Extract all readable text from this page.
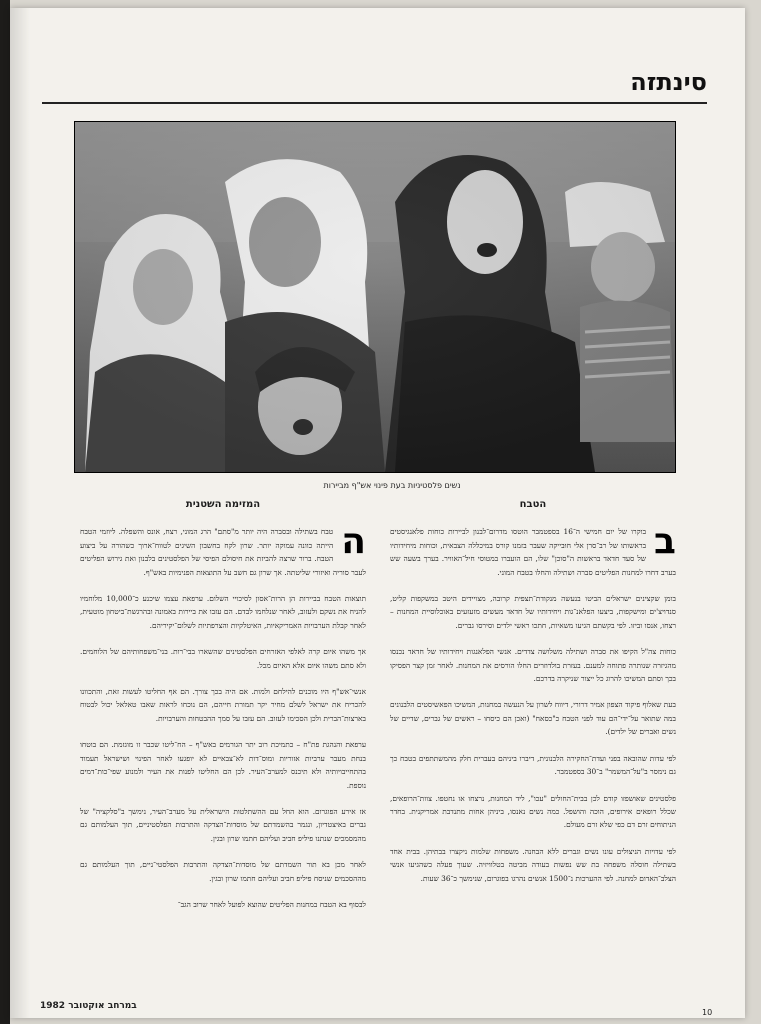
סינתזה
נשים פלסטיניות בעת פינוי אש"ף מביירות
הטבח

ב
בוקרו של יום חמישי ה־16 בספטמבר הוטסו מדרום־לבנון לביירות כוחות פלאנגיסטים בראשותו של רב־סרן אלי חוּבייקה שעבר בזמנו קורס במיכללה הצבאית, וכוחות מיחידותיו של סעד חדאד בראשות ה"סוכן" שלו, הם הועברו במטוסי חיל־האוויר. בערך בשעה שש בערב דחרו למחנות הפליטים סברה ושתילה והחלו בטבח המוני.

בומן שקצינים ישראלים הביטו בנעשה מנקודת־תצפית קרובה, מצויידים היטב במשקפות קליט, סנדויצ'ים ומישקפות, ביצעו הפלאנ־גות ויחידותיו של חדאד מעשים מזעזעים באוכלוסיית המחנות – רצחו, אנסו וביזו. לפי בקשתם הגיעו משאיות, חתכו ראשי ילדים וסירסו גברים.

כוחות צה"ל הקיפו את סברה ושתילה משלושה צדדים. אנשי הפלאנגות ויחידותיו של חדאד נכנסו מהגיזרה שנותרה פתוחה למענם. בעזרת בולדוזרים החלו הורסים את המחנות. לאחר זמן קצר הפסיקו בכך וסתם המשיכו להרוג כל ייצור שניקרה בדרכם.

בעת שאלוף פיקוד הצפון אמיר דרורי, דיווח לשרון על הנעשה במחנות, המשיכו הפאשיסטים הלבנונים במה שתואר על־ידי־הם עוד לפני הטבח כ"כסאח" (ואכן הם כיסחו – ראשים של גברים, שדיים של נשים ואברים של ילדים).

לפי עדות שהובאה בפני ועדת־החקירה הלבנונית, דיברו ביניהם בעברית חלק מהמשתתפים בטבח כך גם נימסר ב"על־המשמר" ב־30 בספטמבר.

פלסטינים שאושפזו קודם לכן בבית־החולים "עכו", ליד המחנות, נרצחו או נחטפו. צוות־הרופאים, שכלל רופאים אירופים, הוכה והושפל. כמה נשים נאנסו, ביניהן אחות מתנדבת אמריקנית. בחדר הניתוחים זרם דם כפי שלא זרם מעולם.

לפי עדויות הניצולים עונו נשים וגברים ללא הבחנה. משפחות שלמות ניקצרו בבתיהן. בבית אחד בשתילה חוסלה משפחה בת שש נפשות בעודה מביטה בטלוויזיה. שעוך פעלה כשהגיעו אנשי הצלב־האדום למחנה. לפי ההערכות נ־1500 אנשים נהרגו בפוגרום, שנימשך כ־36 שעות.

המזימה השטנית

ה
טבח בשתילה ובסברה היה יותר מ"סתם" הרג המוני, רצח, אונס והשפלה. ליוזמי הטבח הייתה כוונה עמוקה יותר. שרון לקח בחשבון השיגים לטווח־ארוך כשהורה על ביצוע הטבח. ברור שרצה להביזת את חיסולם הפיסי של הפלסטינים בלבנון ואת גירוש הפליטים לעבר סוריה ואיזורי שליטתה. אך שרון גם חשב על התוצאות הפנימיות באש"ף.

תוצאות הטבח בביירות הן הרות־אסון לסיכויי השלום. ערפאת עצמו שיכנע כ־10,000 מלוחמיו להניח את נשקם ולעזוב, לאחר שנלחמו לבדם. הם עזבו את ביירות באמונה ובהרגשת־ביטחון מוטעית, לאחר קבלת הערבויות האמריקאיות, האיטלקיות והצרפתיות לשלום־יקיריהם.

אך משהו איום קרה לאלפי האזרחים הפלסטינים שהשארו בבי־רות. בני־משפחותיהם של הלוחמים. ולא סתם משהו איום אלא האיום מכל.

אנשי־אש"ף היו מוכנים להילחם ולמות. אם היה בכך צורך. הם אף החליטו לעשות זאת, והתכוונו להכריח את ישראל לשלם מחיר יקר תמורת חייהם, הם נוכחו לראות שאבו טאלאל יכול לבטוח בארצות־הברית ולכן הסכימו לעזוב. הם עזבו על סמך ההבטחות והערבויות.

ערפאת והנהגת פת"ח – כתמיכת רוב יתר הגורמים באש"ף – הח־ליטו שכבר זו מוגזמת. הם בוטחו בנחת מעבר ערביות אזוריות ומוס־דות לא־צבאיים לא יופגעו לאחר הפינוי ושישראל תעמוד בהתחייבויותיה ולא תיכנס למערב־העיר. לכן הם החליטו לפנות את העיר ולמנוע שפי־כות־דמים נוספת.

אז אירע הפוגרום. הוא החל עם ההשתלטות הישראלית על מערב־העיר, נימשך ב"סלקציה" של גברים באיצטדיון, ונגמר בהשמדתם של מוסדות־הצדקה והתרבות הפלסטיניים, תוך העלמותם גם מהמסמכים שנתנו פיליפ חביב ועליהם חתמו שרון ובגין.

לאחר מכן בא תור השמדתם של מוסדות־הצדקה והתרבות הפלסטי־ניים, תוך העלמותם גם מההסכמים שניסח פיליפ חביב ועליהם חתמו שרון ובגין.

לבסוף בא הטבח במחנות הפליטים שהוצא לפועל לאחר שרוב הגב־

במרחב אוקטובר 1982
10
